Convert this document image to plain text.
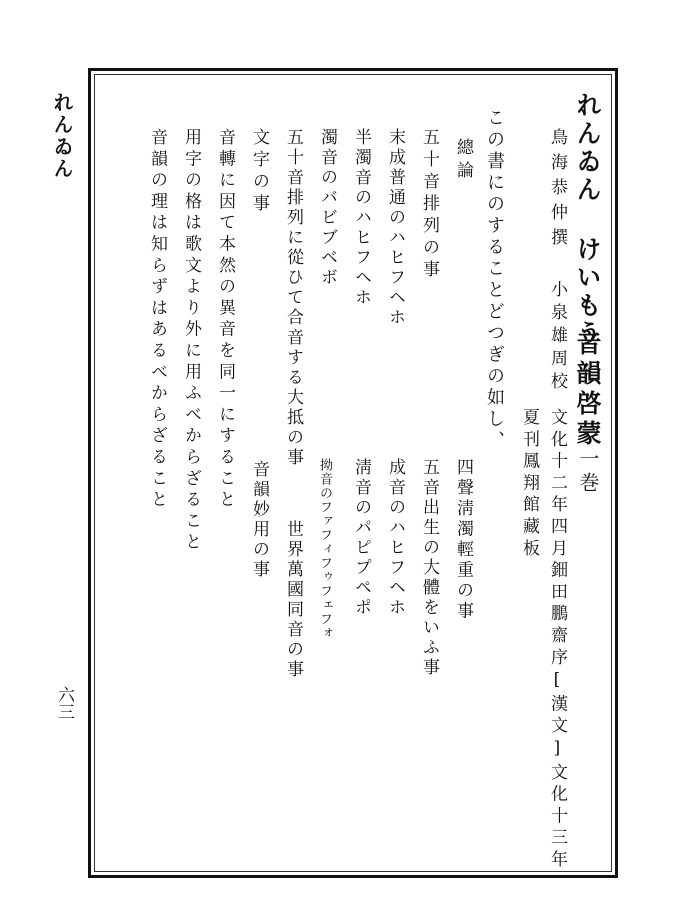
れんゐん
六三
れんゐん けいもう
音韻啓蒙
一巻
鳥海恭仲撰
小泉雄周校
文化十二年四月鈿田鵬齋序[漢文]文化十三年
夏刊鳳翔館藏板
この書にのすることどつぎの如し、
總論
五十音排列の事
末成普通のハヒフヘホ
半濁音のハヒフヘホ
濁音のバビブベボ
五十音排列に從ひて合音する大抵の事
文字の事
四聲淸濁輕重の事
五音出生の大體をいふ事
成音のハヒフヘホ
淸音のパピプペポ
拗音のファフィフゥフェフォ
世界萬國同音の事
音韻妙用の事
音轉に因て本然の異音を同一にすること
用字の格は歌文より外に用ふべからざること
音韻の理は知らずはあるべからざること
